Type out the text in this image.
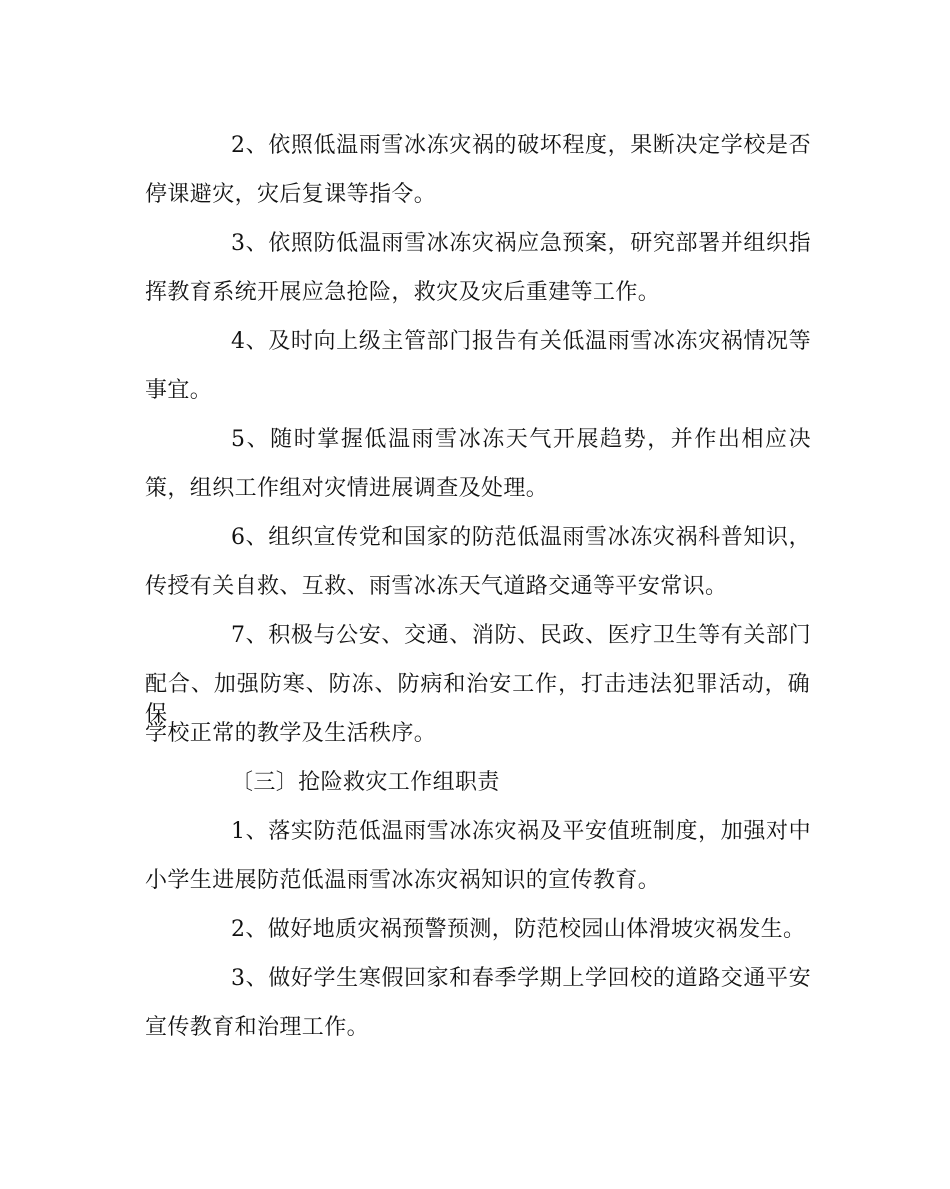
2、依照低温雨雪冰冻灾祸的破坏程度，果断决定学校是否
停课避灾，灾后复课等指令。
3、依照防低温雨雪冰冻灾祸应急预案，研究部署并组织指
挥教育系统开展应急抢险，救灾及灾后重建等工作。
4、及时向上级主管部门报告有关低温雨雪冰冻灾祸情况等
事宜。
5、随时掌握低温雨雪冰冻天气开展趋势，并作出相应决
策，组织工作组对灾情进展调查及处理。
6、组织宣传党和国家的防范低温雨雪冰冻灾祸科普知识，
传授有关自救、互救、雨雪冰冻天气道路交通等平安常识。
7、积极与公安、交通、消防、民政、医疗卫生等有关部门
配合、加强防寒、防冻、防病和治安工作，打击违法犯罪活动，确保
学校正常的教学及生活秩序。
〔三〕抢险救灾工作组职责
1、落实防范低温雨雪冰冻灾祸及平安值班制度，加强对中
小学生进展防范低温雨雪冰冻灾祸知识的宣传教育。
2、做好地质灾祸预警预测，防范校园山体滑坡灾祸发生。
3、做好学生寒假回家和春季学期上学回校的道路交通平安
宣传教育和治理工作。
